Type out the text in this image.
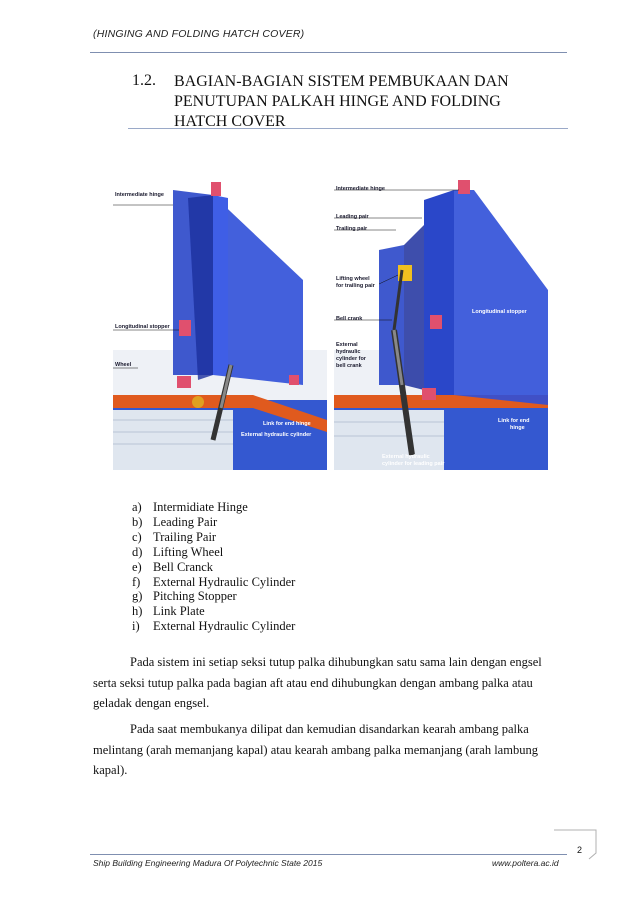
(HINGING AND FOLDING HATCH COVER)
1.2. BAGIAN-BAGIAN SISTEM PEMBUKAAN DAN PENUTUPAN PALKAH HINGE AND FOLDING HATCH COVER
Intermediate hinge
Longitudinal stopper
Wheel
Link for end hinge
External hydraulic cylinder
Intermediate hinge
Leading pair
Trailing pair
Lifting wheel
for trailing pair
Bell crank
Longitudinal stopper
External
hydraulic
cylinder for
bell crank
Link for end
hinge
External hydraulic
cylinder for leading pair
a) Intermidiate Hinge
b) Leading Pair
c) Trailing Pair
d) Lifting Wheel
e) Bell Cranck
f)	External Hydraulic Cylinder
g) Pitching Stopper
h) Link Plate
i)	External Hydraulic Cylinder

Pada sistem ini setiap seksi tutup palka dihubungkan satu sama lain dengan engsel serta seksi tutup palka pada bagian aft atau end dihubungkan dengan ambang palka atau geladak dengan engsel.

Pada saat membukanya dilipat dan kemudian disandarkan kearah ambang palka melintang (arah memanjang kapal) atau kearah ambang palka memanjang (arah lambung kapal).

2
Ship Building Engineering Madura Of Polytechnic State 2015	www.poltera.ac.id
